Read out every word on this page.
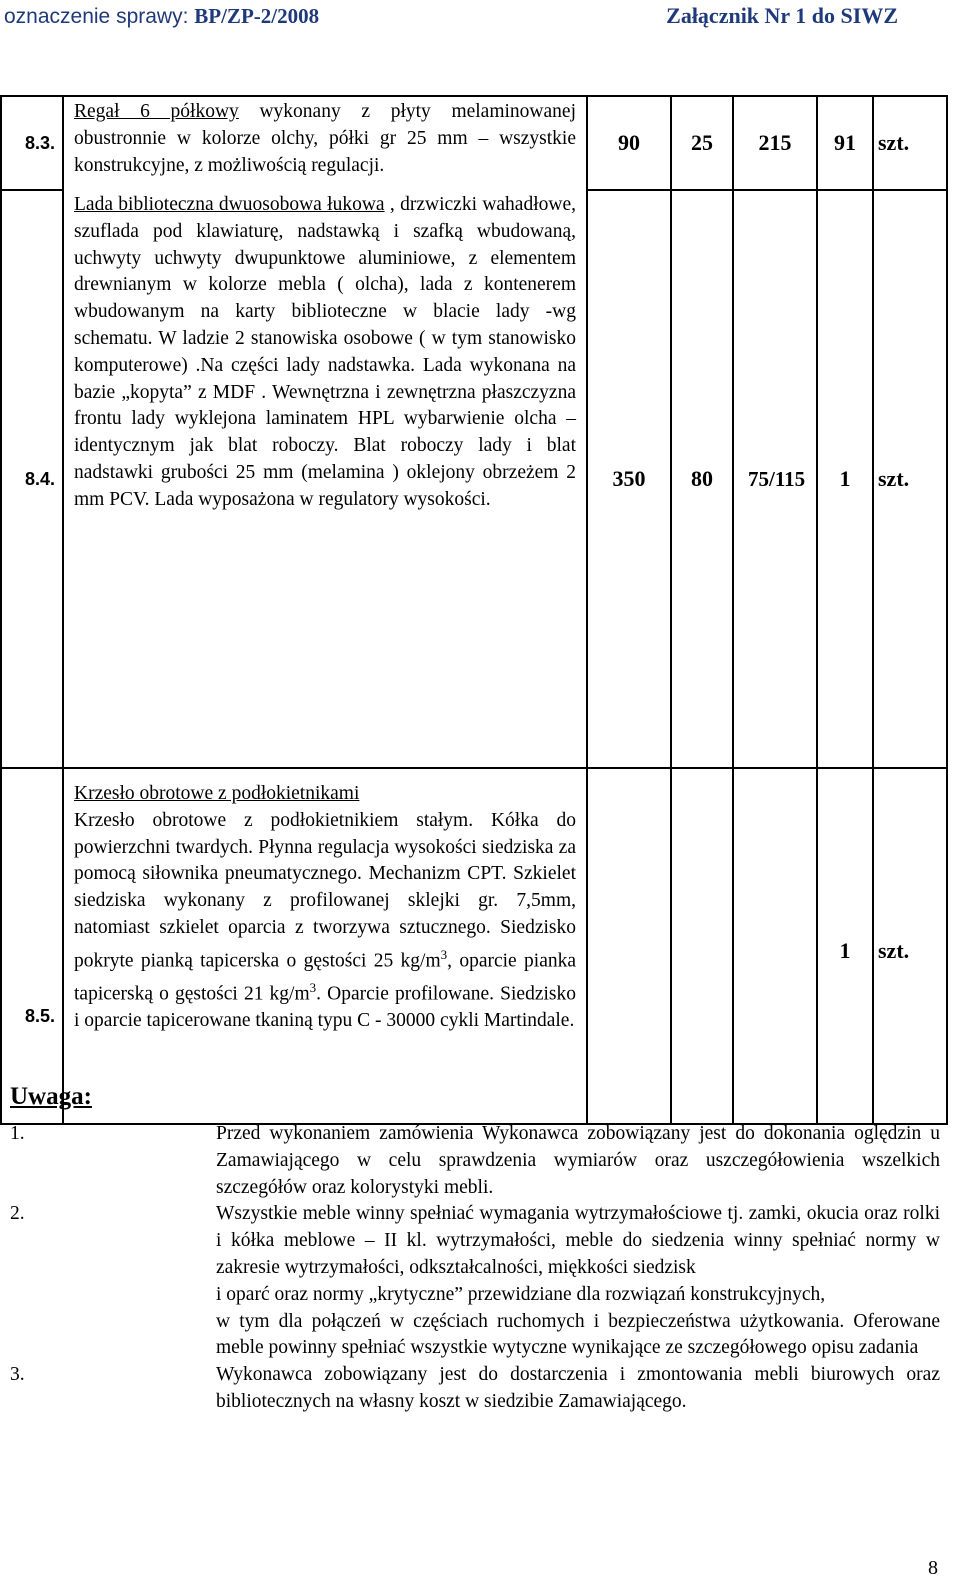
oznaczenie sprawy: BP/ZP-2/2008	Załącznik Nr 1 do SIWZ
8.3.	Regał 6 półkowy wykonany z płyty melaminowanej obustronnie w kolorze olchy, półki gr 25 mm – wszystkie konstrukcyjne, z możliwością regulacji.	90	25	215	91	szt.
8.4.	Lada biblioteczna dwuosobowa łukowa , drzwiczki wahadłowe, szuflada pod klawiaturę, nadstawką i szafką wbudowaną, uchwyty uchwyty dwupunktowe aluminiowe, z elementem drewnianym w kolorze mebla ( olcha), lada z kontenerem wbudowanym na karty biblioteczne w blacie lady -wg schematu. W ladzie 2 stanowiska osobowe ( w tym stanowisko komputerowe) .Na części lady nadstawka. Lada wykonana na bazie „kopyta” z MDF . Wewnętrzna i zewnętrzna płaszczyzna frontu lady wyklejona laminatem HPL wybarwienie olcha – identycznym jak blat roboczy. Blat roboczy lady i blat nadstawki grubości 25 mm (melamina ) oklejony obrzeżem 2 mm PCV. Lada wyposażona w regulatory wysokości.	350	80	75/115	1	szt.
8.5.	Krzesło obrotowe z podłokietnikami
Krzesło obrotowe z podłokietnikiem stałym. Kółka do powierzchni twardych. Płynna regulacja wysokości siedziska za pomocą siłownika pneumatycznego. Mechanizm CPT. Szkielet siedziska wykonany z profilowanej sklejki gr. 7,5mm, natomiast szkielet oparcia z tworzywa sztucznego. Siedzisko pokryte pianką tapicerska o gęstości 25 $kg/m^3$, oparcie pianka tapicerską o gęstości 21 $kg/m^3$. Oparcie profilowane. Siedzisko i oparcie tapicerowane tkaniną typu C - 30000 cykli Martindale.				1	szt.
Uwaga:
1.	Przed wykonaniem zamówienia Wykonawca zobowiązany jest do dokonania oględzin u Zamawiającego w celu sprawdzenia wymiarów oraz uszczegółowienia wszelkich szczegółów oraz kolorystyki mebli.

2.	Wszystkie meble winny spełniać wymagania wytrzymałościowe tj. zamki, okucia oraz rolki i kółka meblowe – II kl. wytrzymałości, meble do siedzenia winny spełniać normy w zakresie wytrzymałości, odkształcalności, miękkości siedzisk

i oparć oraz normy „krytyczne” przewidziane dla rozwiązań konstrukcyjnych,

w tym dla połączeń w częściach ruchomych i bezpieczeństwa użytkowania. Oferowane meble powinny spełniać wszystkie wytyczne wynikające ze szczegółowego opisu zadania

3.	Wykonawca zobowiązany jest do dostarczenia i zmontowania mebli biurowych oraz bibliotecznych na własny koszt w siedzibie Zamawiającego.

8
